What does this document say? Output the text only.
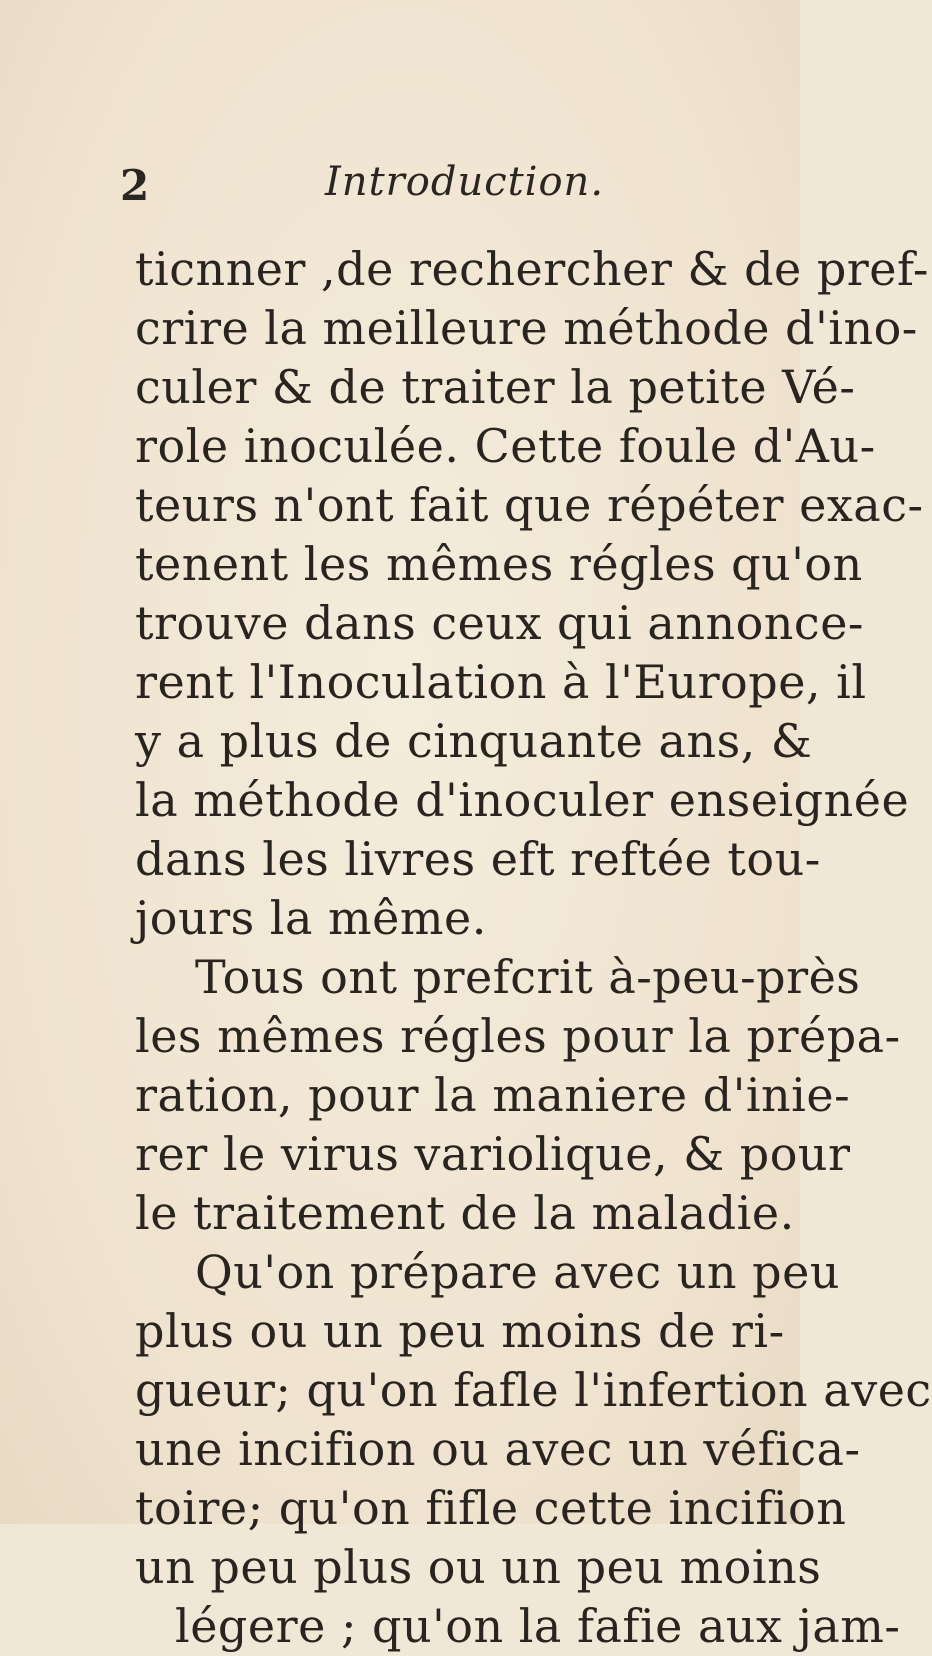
2	Introduction.
ticnner ,de rechercher & de pref-
crire la meilleure méthode d'ino-
culer & de traiter la petite Vé-
role inoculée. Cette foule d'Au-
teurs n'ont fait que répéter exac-
tenent les mêmes régles qu'on
trouve dans ceux qui annonce-
rent l'Inoculation à l'Europe, il
y a plus de cinquante ans, &
la méthode d'inoculer enseignée
dans les livres eft reftée tou-
jours la même.
Tous ont prefcrit à-peu-près
les mêmes régles pour la prépa-
ration, pour la maniere d'inie-
rer le virus variolique, & pour
le traitement de la maladie.
Qu'on prépare avec un peu
plus ou un peu moins de ri-
gueur; qu'on fafle l'infertion avec
une incifion ou avec un véfica-
toire; qu'on fifle cette incifion
un peu plus ou un peu moins
légere ; qu'on la fafie aux jam-
